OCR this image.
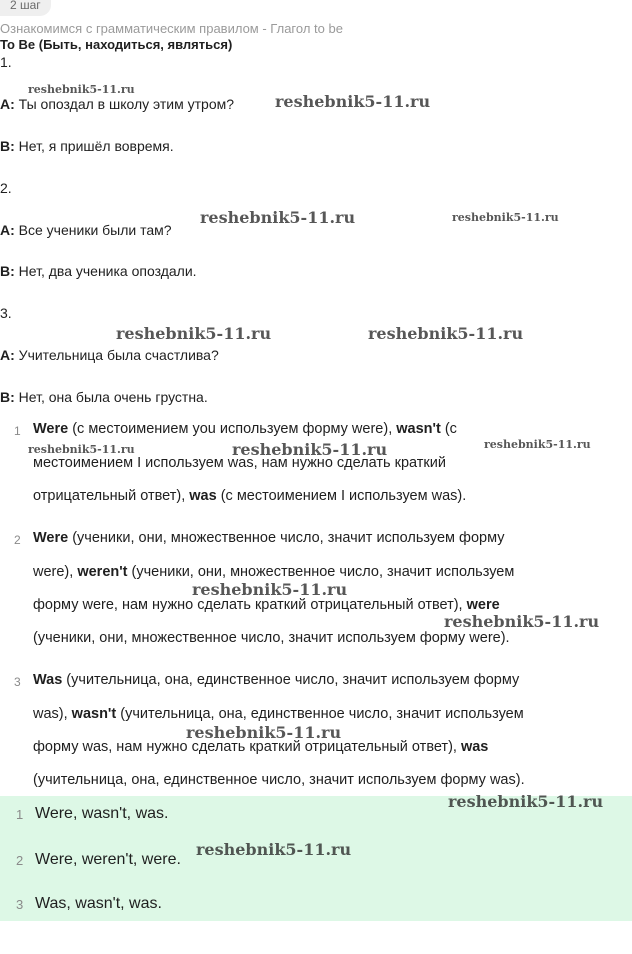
2 шаг
Ознакомимся с грамматическим правилом - Глагол to be
To Be (Быть, находиться, являться)
1.
A: Ты опоздал в школу этим утром?
B: Нет, я пришёл вовремя.
2.
A: Все ученики были там?
B: Нет, два ученика опоздали.
3.
A: Учительница была счастлива?
B: Нет, она была очень грустна.
1 Were (с местоимением you используем форму were), wasn't (с
местоимением I используем was, нам нужно сделать краткий
отрицательный ответ), was (с местоимением I используем was).
2 Were (ученики, они, множественное число, значит используем форму
were), weren't (ученики, они, множественное число, значит используем
форму were, нам нужно сделать краткий отрицательный ответ), were
(ученики, они, множественное число, значит используем форму were).
3 Was (учительница, она, единственное число, значит используем форму
was), wasn't (учительница, она, единственное число, значит используем
форму was, нам нужно сделать краткий отрицательный ответ), was
(учительница, она, единственное число, значит используем форму was).
1 Were, wasn't, was.
2 Were, weren't, were.
3 Was, wasn't, was.
reshebnik5-11.ru
reshebnik5-11.ru
reshebnik5-11.ru	reshebnik5-11.ru
reshebnik5-11.ru	reshebnik5-11.ru
reshebnik5-11.ru	reshebnik5-11.ru	reshebnik5-11.ru
reshebnik5-11.ru
reshebnik5-11.ru
reshebnik5-11.ru
reshebnik5-11.ru
reshebnik5-11.ru
